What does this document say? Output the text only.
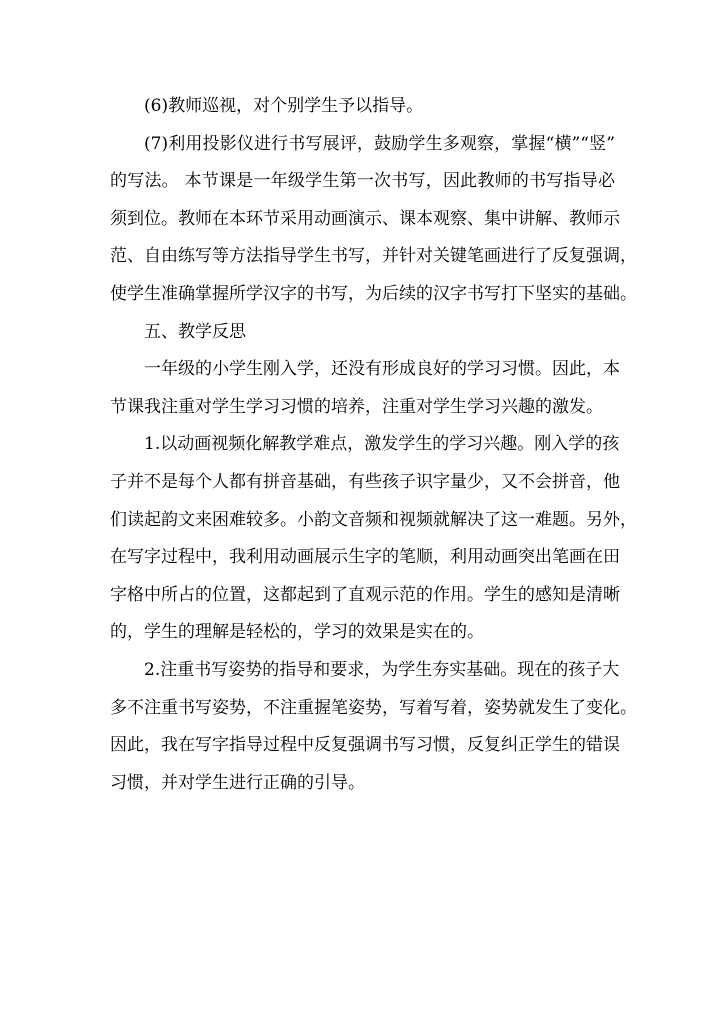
(6)教师巡视，对个别学生予以指导。
(7)利用投影仪进行书写展评，鼓励学生多观察，掌握“横”“竖”
的写法。 本节课是一年级学生第一次书写，因此教师的书写指导必
须到位。教师在本环节采用动画演示、课本观察、集中讲解、教师示
范、自由练写等方法指导学生书写，并针对关键笔画进行了反复强调，
使学生准确掌握所学汉字的书写，为后续的汉字书写打下坚实的基础。
五、教学反思
一年级的小学生刚入学，还没有形成良好的学习习惯。因此，本
节课我注重对学生学习习惯的培养，注重对学生学习兴趣的激发。
1.以动画视频化解教学难点，激发学生的学习兴趣。刚入学的孩
子并不是每个人都有拼音基础，有些孩子识字量少，又不会拼音，他
们读起韵文来困难较多。小韵文音频和视频就解决了这一难题。另外，
在写字过程中，我利用动画展示生字的笔顺，利用动画突出笔画在田
字格中所占的位置，这都起到了直观示范的作用。学生的感知是清晰
的，学生的理解是轻松的，学习的效果是实在的。
2.注重书写姿势的指导和要求，为学生夯实基础。现在的孩子大
多不注重书写姿势，不注重握笔姿势，写着写着，姿势就发生了变化。
因此，我在写字指导过程中反复强调书写习惯，反复纠正学生的错误
习惯，并对学生进行正确的引导。
